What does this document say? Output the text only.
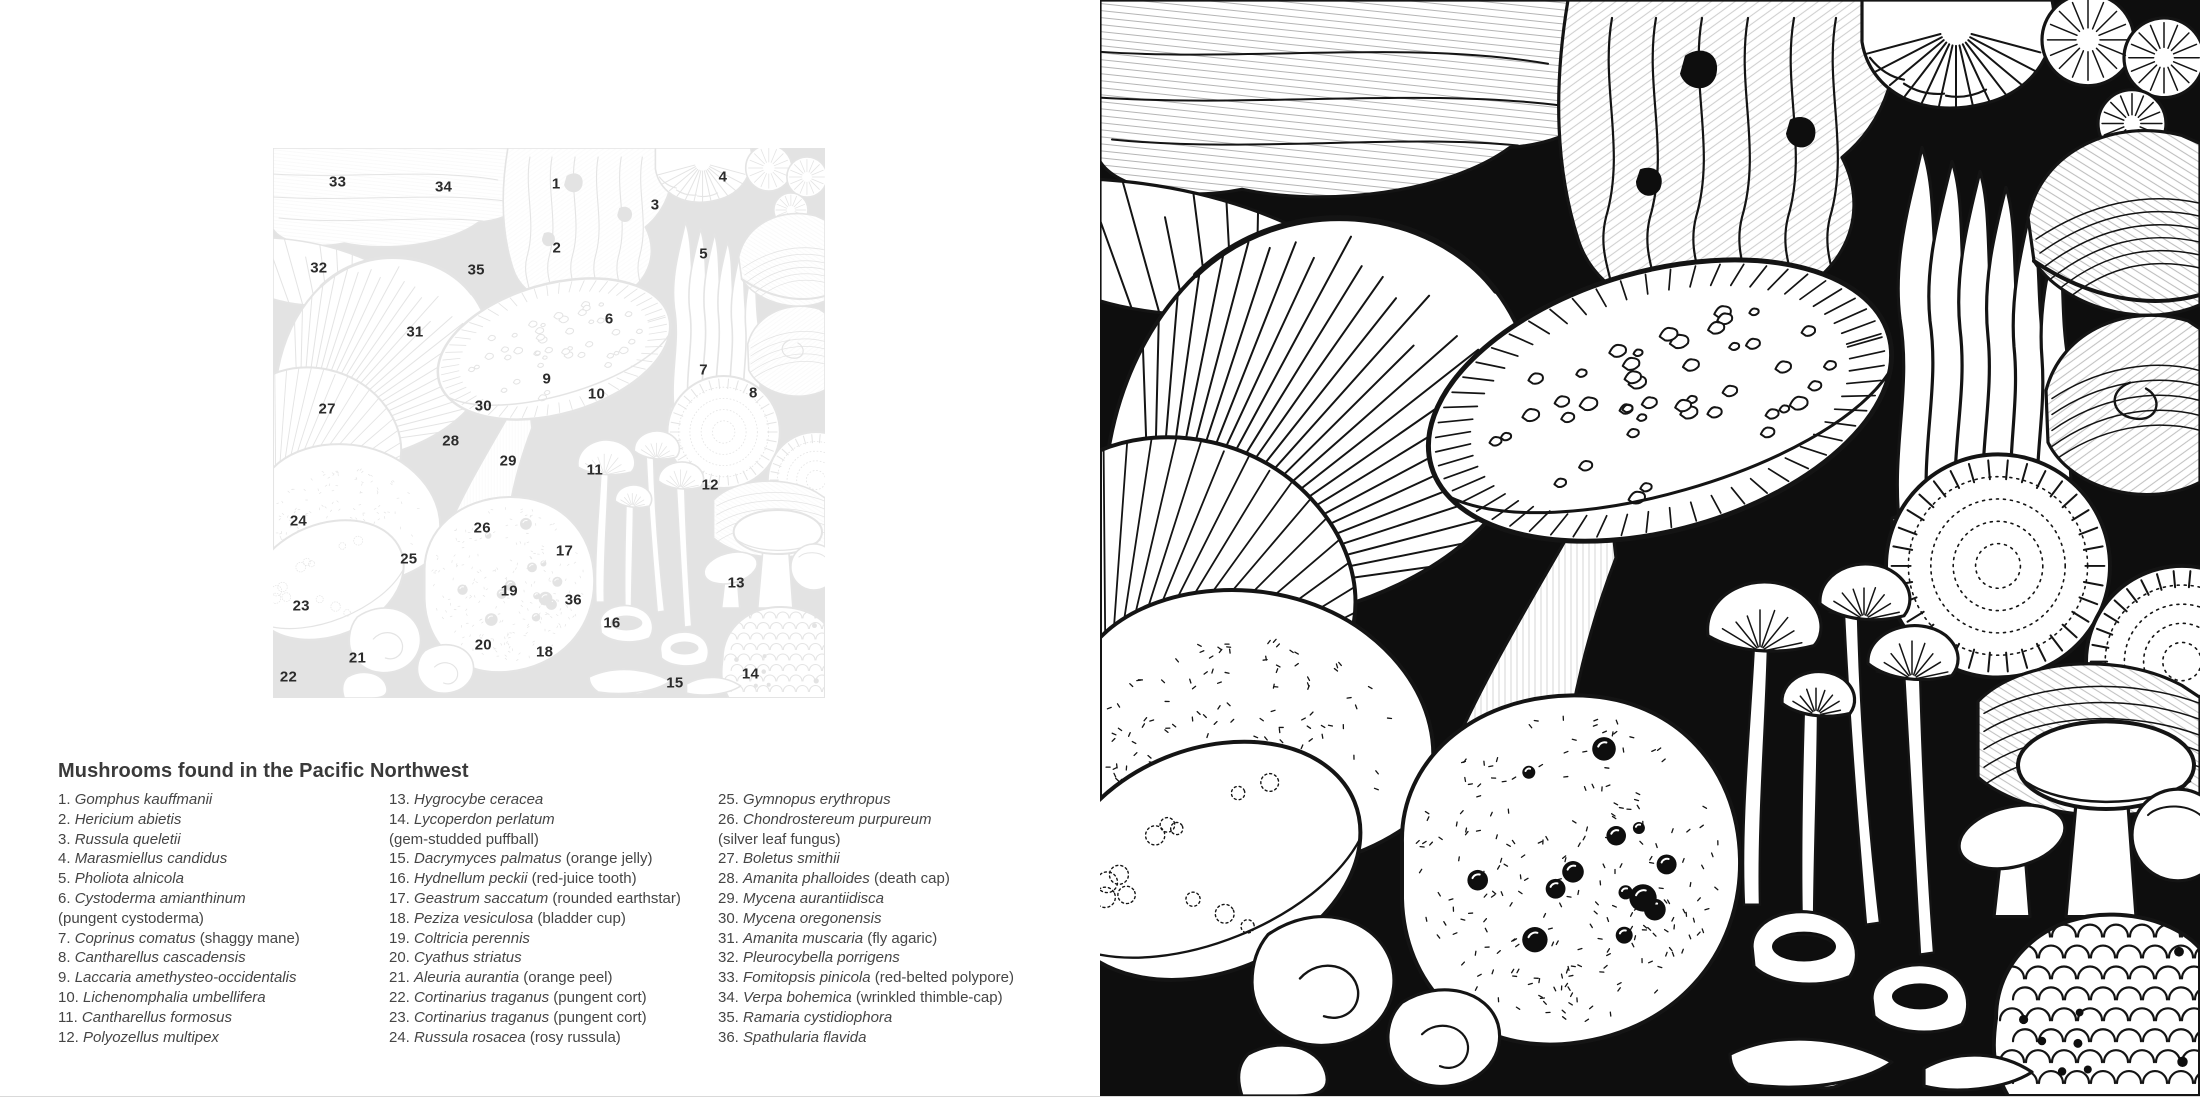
1
2
3
4
5
6
7
8
9
10
11
12
13
14
15
16
17
18
19
20
21
22
23
24
25
26
27
28
29
30
31
32
33	34
35
36
Mushrooms found in the Pacific Northwest
1. Gomphus kauffmanii
2. Hericium abietis
3. Russula queletii
4. Marasmiellus candidus
5. Pholiota alnicola
6. Cystoderma amianthinum
(pungent cystoderma)
7. Coprinus comatus (shaggy mane)
8. Cantharellus cascadensis
9. Laccaria amethysteo-occidentalis
10. Lichenomphalia umbellifera
11. Cantharellus formosus
12. Polyozellus multipex
13. Hygrocybe ceracea
14. Lycoperdon perlatum
(gem-studded puffball)
15. Dacrymyces palmatus (orange jelly)
16. Hydnellum peckii (red-juice tooth)
17. Geastrum saccatum (rounded earthstar)
18. Peziza vesiculosa (bladder cup)
19. Coltricia perennis
20. Cyathus striatus
21. Aleuria aurantia (orange peel)
22. Cortinarius traganus (pungent cort)
23. Cortinarius traganus (pungent cort)
24. Russula rosacea (rosy russula)
25. Gymnopus erythropus
26. Chondrostereum purpureum
(silver leaf fungus)
27. Boletus smithii
28. Amanita phalloides (death cap)
29. Mycena aurantiidisca
30. Mycena oregonensis
31. Amanita muscaria (fly agaric)
32. Pleurocybella porrigens
33. Fomitopsis pinicola (red-belted polypore)
34. Verpa bohemica (wrinkled thimble-cap)
35. Ramaria cystidiophora
36. Spathularia flavida
